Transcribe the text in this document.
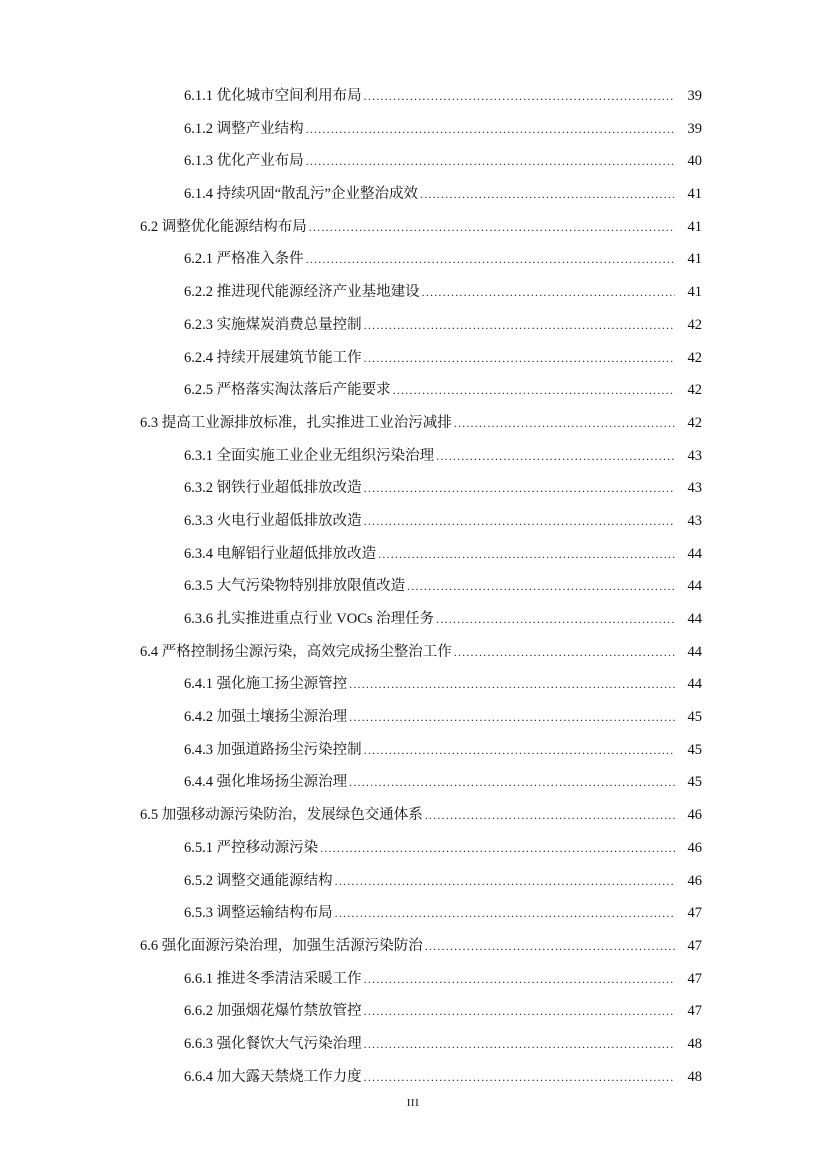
6.1.1 优化城市空间利用布局 .....	39
6.1.2 调整产业结构 .....	39
6.1.3 优化产业布局 .....	40
6.1.4 持续巩固“散乱污”企业整治成效 .....	41
6.2 调整优化能源结构布局 .....	41
6.2.1 严格准入条件 .....	41
6.2.2 推进现代能源经济产业基地建设 .....	41
6.2.3 实施煤炭消费总量控制 .....	42
6.2.4 持续开展建筑节能工作 .....	42
6.2.5 严格落实淘汰落后产能要求 .....	42
6.3 提高工业源排放标准，扎实推进工业治污减排 .....	42
6.3.1 全面实施工业企业无组织污染治理 .....	43
6.3.2 钢铁行业超低排放改造 .....	43
6.3.3 火电行业超低排放改造 .....	43
6.3.4 电解铝行业超低排放改造 .....	44
6.3.5 大气污染物特别排放限值改造 .....	44
6.3.6 扎实推进重点行业 VOCs 治理任务 .....	44
6.4 严格控制扬尘源污染，高效完成扬尘整治工作 .....	44
6.4.1 强化施工扬尘源管控 .....	44
6.4.2 加强土壤扬尘源治理 .....	45
6.4.3 加强道路扬尘污染控制 .....	45
6.4.4 强化堆场扬尘源治理 .....	45
6.5 加强移动源污染防治，发展绿色交通体系 .....	46
6.5.1 严控移动源污染 .....	46
6.5.2 调整交通能源结构 .....	46
6.5.3 调整运输结构布局 .....	47
6.6 强化面源污染治理，加强生活源污染防治 .....	47
6.6.1 推进冬季清洁采暖工作 .....	47
6.6.2 加强烟花爆竹禁放管控 .....	47
6.6.3 强化餐饮大气污染治理 .....	48
6.6.4 加大露天禁烧工作力度 .....	48
III
